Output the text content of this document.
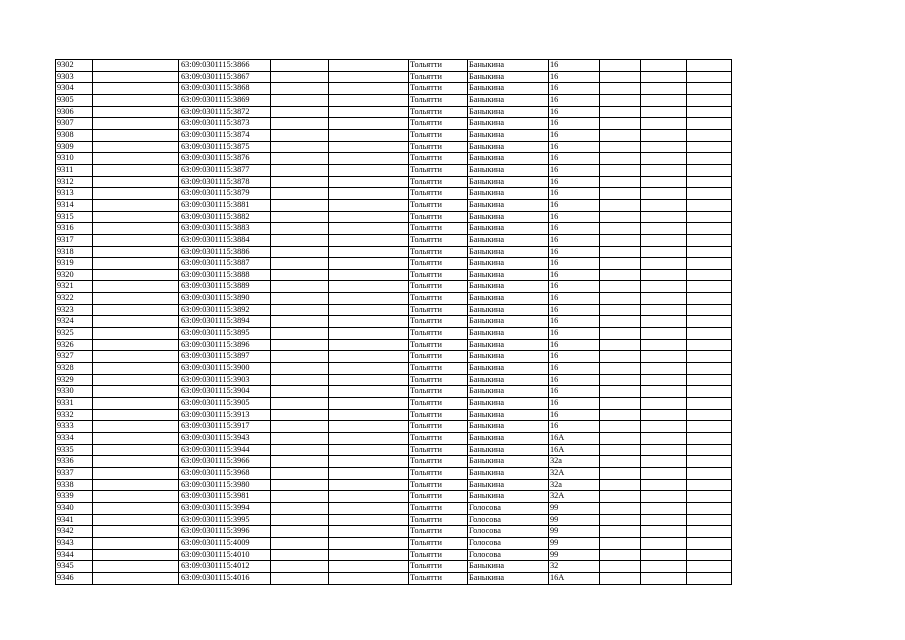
9302		63:09:0301115:3866			Тольятти	Баныкина	16			
9303		63:09:0301115:3867			Тольятти	Баныкина	16			
9304		63:09:0301115:3868			Тольятти	Баныкина	16			
9305		63:09:0301115:3869			Тольятти	Баныкина	16			
9306		63:09:0301115:3872			Тольятти	Баныкина	16			
9307		63:09:0301115:3873			Тольятти	Баныкина	16			
9308		63:09:0301115:3874			Тольятти	Баныкина	16			
9309		63:09:0301115:3875			Тольятти	Баныкина	16			
9310		63:09:0301115:3876			Тольятти	Баныкина	16			
9311		63:09:0301115:3877			Тольятти	Баныкина	16			
9312		63:09:0301115:3878			Тольятти	Баныкина	16			
9313		63:09:0301115:3879			Тольятти	Баныкина	16			
9314		63:09:0301115:3881			Тольятти	Баныкина	16			
9315		63:09:0301115:3882			Тольятти	Баныкина	16			
9316		63:09:0301115:3883			Тольятти	Баныкина	16			
9317		63:09:0301115:3884			Тольятти	Баныкина	16			
9318		63:09:0301115:3886			Тольятти	Баныкина	16			
9319		63:09:0301115:3887			Тольятти	Баныкина	16			
9320		63:09:0301115:3888			Тольятти	Баныкина	16			
9321		63:09:0301115:3889			Тольятти	Баныкина	16			
9322		63:09:0301115:3890			Тольятти	Баныкина	16			
9323		63:09:0301115:3892			Тольятти	Баныкина	16			
9324		63:09:0301115:3894			Тольятти	Баныкина	16			
9325		63:09:0301115:3895			Тольятти	Баныкина	16			
9326		63:09:0301115:3896			Тольятти	Баныкина	16			
9327		63:09:0301115:3897			Тольятти	Баныкина	16			
9328		63:09:0301115:3900			Тольятти	Баныкина	16			
9329		63:09:0301115:3903			Тольятти	Баныкина	16			
9330		63:09:0301115:3904			Тольятти	Баныкина	16			
9331		63:09:0301115:3905			Тольятти	Баныкина	16			
9332		63:09:0301115:3913			Тольятти	Баныкина	16			
9333		63:09:0301115:3917			Тольятти	Баныкина	16			
9334		63:09:0301115:3943			Тольятти	Баныкина	16А			
9335		63:09:0301115:3944			Тольятти	Баныкина	16А			
9336		63:09:0301115:3966			Тольятти	Баныкина	32а			
9337		63:09:0301115:3968			Тольятти	Баныкина	32А			
9338		63:09:0301115:3980			Тольятти	Баныкина	32а			
9339		63:09:0301115:3981			Тольятти	Баныкина	32А			
9340		63:09:0301115:3994			Тольятти	Голосова	99			
9341		63:09:0301115:3995			Тольятти	Голосова	99			
9342		63:09:0301115:3996			Тольятти	Голосова	99			
9343		63:09:0301115:4009			Тольятти	Голосова	99			
9344		63:09:0301115:4010			Тольятти	Голосова	99			
9345		63:09:0301115:4012			Тольятти	Баныкина	32			
9346		63:09:0301115:4016			Тольятти	Баныкина	16А			
